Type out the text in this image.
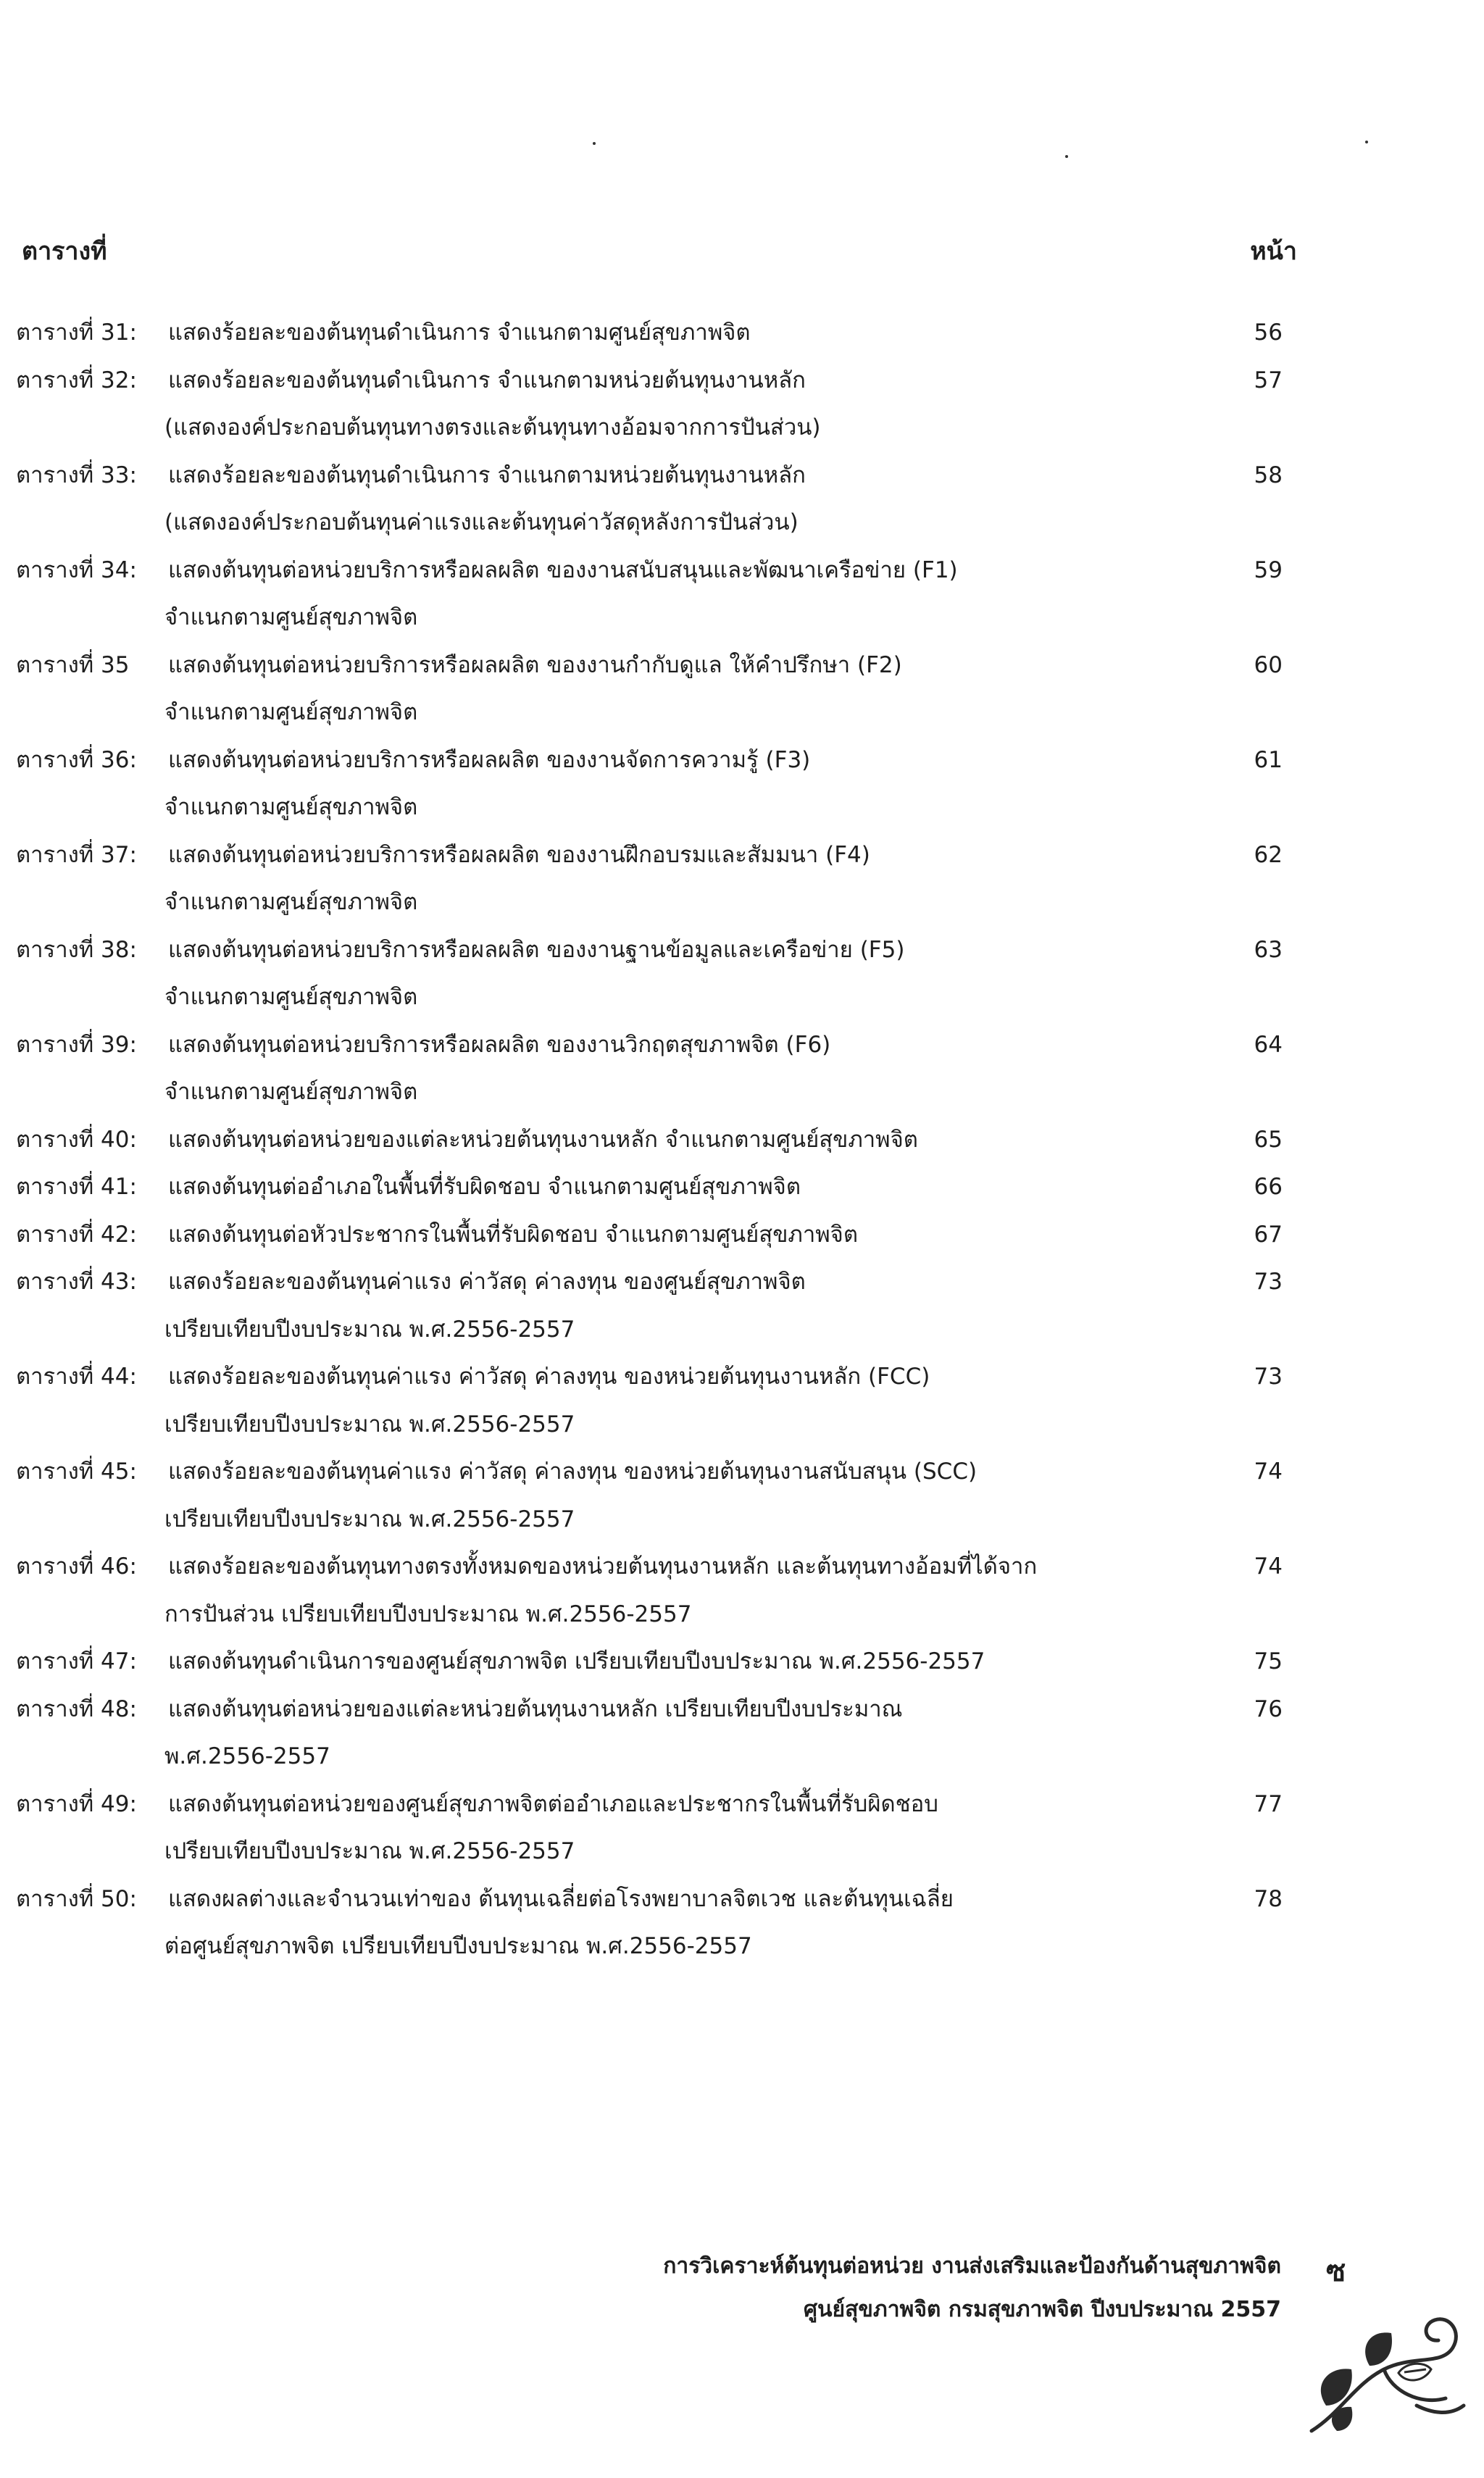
ตารางที่	หน้า
ตารางที่ 31: แสดงร้อยละของต้นทุนดำเนินการ จำแนกตามศูนย์สุขภาพจิต	56
ตารางที่ 32: แสดงร้อยละของต้นทุนดำเนินการ จำแนกตามหน่วยต้นทุนงานหลัก	57
(แสดงองค์ประกอบต้นทุนทางตรงและต้นทุนทางอ้อมจากการปันส่วน)
ตารางที่ 33: แสดงร้อยละของต้นทุนดำเนินการ จำแนกตามหน่วยต้นทุนงานหลัก	58
(แสดงองค์ประกอบต้นทุนค่าแรงและต้นทุนค่าวัสดุหลังการปันส่วน)
ตารางที่ 34: แสดงต้นทุนต่อหน่วยบริการหรือผลผลิต ของงานสนับสนุนและพัฒนาเครือข่าย (F1)	59
จำแนกตามศูนย์สุขภาพจิต
ตารางที่ 35 แสดงต้นทุนต่อหน่วยบริการหรือผลผลิต ของงานกำกับดูแล ให้คำปรึกษา (F2)	60
จำแนกตามศูนย์สุขภาพจิต
ตารางที่ 36: แสดงต้นทุนต่อหน่วยบริการหรือผลผลิต ของงานจัดการความรู้ (F3)	61
จำแนกตามศูนย์สุขภาพจิต
ตารางที่ 37: แสดงต้นทุนต่อหน่วยบริการหรือผลผลิต ของงานฝึกอบรมและสัมมนา (F4)	62
จำแนกตามศูนย์สุขภาพจิต
ตารางที่ 38: แสดงต้นทุนต่อหน่วยบริการหรือผลผลิต ของงานฐานข้อมูลและเครือข่าย (F5)	63
จำแนกตามศูนย์สุขภาพจิต
ตารางที่ 39: แสดงต้นทุนต่อหน่วยบริการหรือผลผลิต ของงานวิกฤตสุขภาพจิต (F6)	64
จำแนกตามศูนย์สุขภาพจิต
ตารางที่ 40: แสดงต้นทุนต่อหน่วยของแต่ละหน่วยต้นทุนงานหลัก จำแนกตามศูนย์สุขภาพจิต	65
ตารางที่ 41: แสดงต้นทุนต่ออำเภอในพื้นที่รับผิดชอบ จำแนกตามศูนย์สุขภาพจิต	66
ตารางที่ 42: แสดงต้นทุนต่อหัวประชากรในพื้นที่รับผิดชอบ จำแนกตามศูนย์สุขภาพจิต	67
ตารางที่ 43: แสดงร้อยละของต้นทุนค่าแรง ค่าวัสดุ ค่าลงทุน ของศูนย์สุขภาพจิต	73
เปรียบเทียบปีงบประมาณ พ.ศ.2556-2557
ตารางที่ 44: แสดงร้อยละของต้นทุนค่าแรง ค่าวัสดุ ค่าลงทุน ของหน่วยต้นทุนงานหลัก (FCC)	73
เปรียบเทียบปีงบประมาณ พ.ศ.2556-2557
ตารางที่ 45: แสดงร้อยละของต้นทุนค่าแรง ค่าวัสดุ ค่าลงทุน ของหน่วยต้นทุนงานสนับสนุน (SCC)	74
เปรียบเทียบปีงบประมาณ พ.ศ.2556-2557
ตารางที่ 46: แสดงร้อยละของต้นทุนทางตรงทั้งหมดของหน่วยต้นทุนงานหลัก และต้นทุนทางอ้อมที่ได้จาก	74
การปันส่วน เปรียบเทียบปีงบประมาณ พ.ศ.2556-2557
ตารางที่ 47: แสดงต้นทุนดำเนินการของศูนย์สุขภาพจิต เปรียบเทียบปีงบประมาณ พ.ศ.2556-2557	75
ตารางที่ 48: แสดงต้นทุนต่อหน่วยของแต่ละหน่วยต้นทุนงานหลัก เปรียบเทียบปีงบประมาณ	76
พ.ศ.2556-2557
ตารางที่ 49: แสดงต้นทุนต่อหน่วยของศูนย์สุขภาพจิตต่ออำเภอและประชากรในพื้นที่รับผิดชอบ	77
เปรียบเทียบปีงบประมาณ พ.ศ.2556-2557
ตารางที่ 50: แสดงผลต่างและจำนวนเท่าของ ต้นทุนเฉลี่ยต่อโรงพยาบาลจิตเวช และต้นทุนเฉลี่ย	78
ต่อศูนย์สุขภาพจิต เปรียบเทียบปีงบประมาณ พ.ศ.2556-2557
การวิเคราะห์ต้นทุนต่อหน่วย งานส่งเสริมและป้องกันด้านสุขภาพจิต
ศูนย์สุขภาพจิต กรมสุขภาพจิต ปีงบประมาณ 2557
ซ
